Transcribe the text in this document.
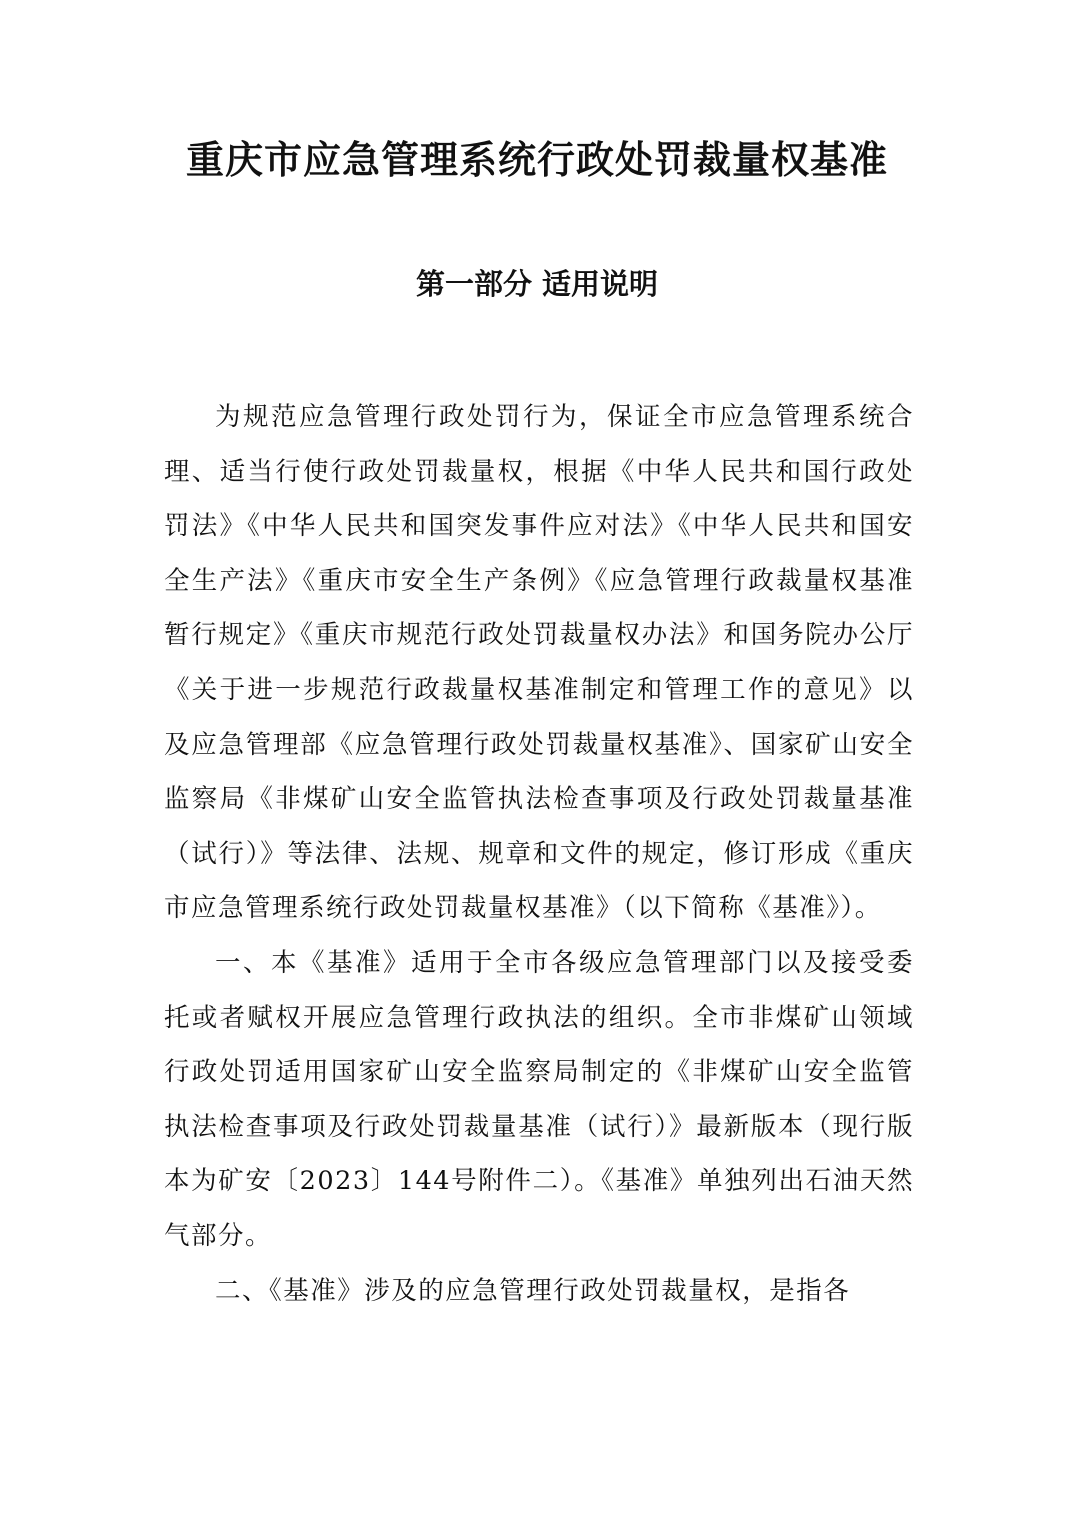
重庆市应急管理系统行政处罚裁量权基准
第一部分 适用说明

为规范应急管理行政处罚行为，保证全市应急管理系统合理、适当行使行政处罚裁量权，根据《中华人民共和国行政处罚法》《中华人民共和国突发事件应对法》《中华人民共和国安全生产法》《重庆市安全生产条例》《应急管理行政裁量权基准暂行规定》《重庆市规范行政处罚裁量权办法》和国务院办公厅《关于进一步规范行政裁量权基准制定和管理工作的意见》以及应急管理部《应急管理行政处罚裁量权基准》、国家矿山安全监察局《非煤矿山安全监管执法检查事项及行政处罚裁量基准（试行）》等法律、法规、规章和文件的规定，修订形成《重庆市应急管理系统行政处罚裁量权基准》（以下简称《基准》）。

一、本《基准》适用于全市各级应急管理部门以及接受委托或者赋权开展应急管理行政执法的组织。全市非煤矿山领域行政处罚适用国家矿山安全监察局制定的《非煤矿山安全监管执法检查事项及行政处罚裁量基准（试行）》最新版本（现行版本为矿安〔2023〕144号附件二）。《基准》单独列出石油天然气部分。

二、《基准》涉及的应急管理行政处罚裁量权，是指各
